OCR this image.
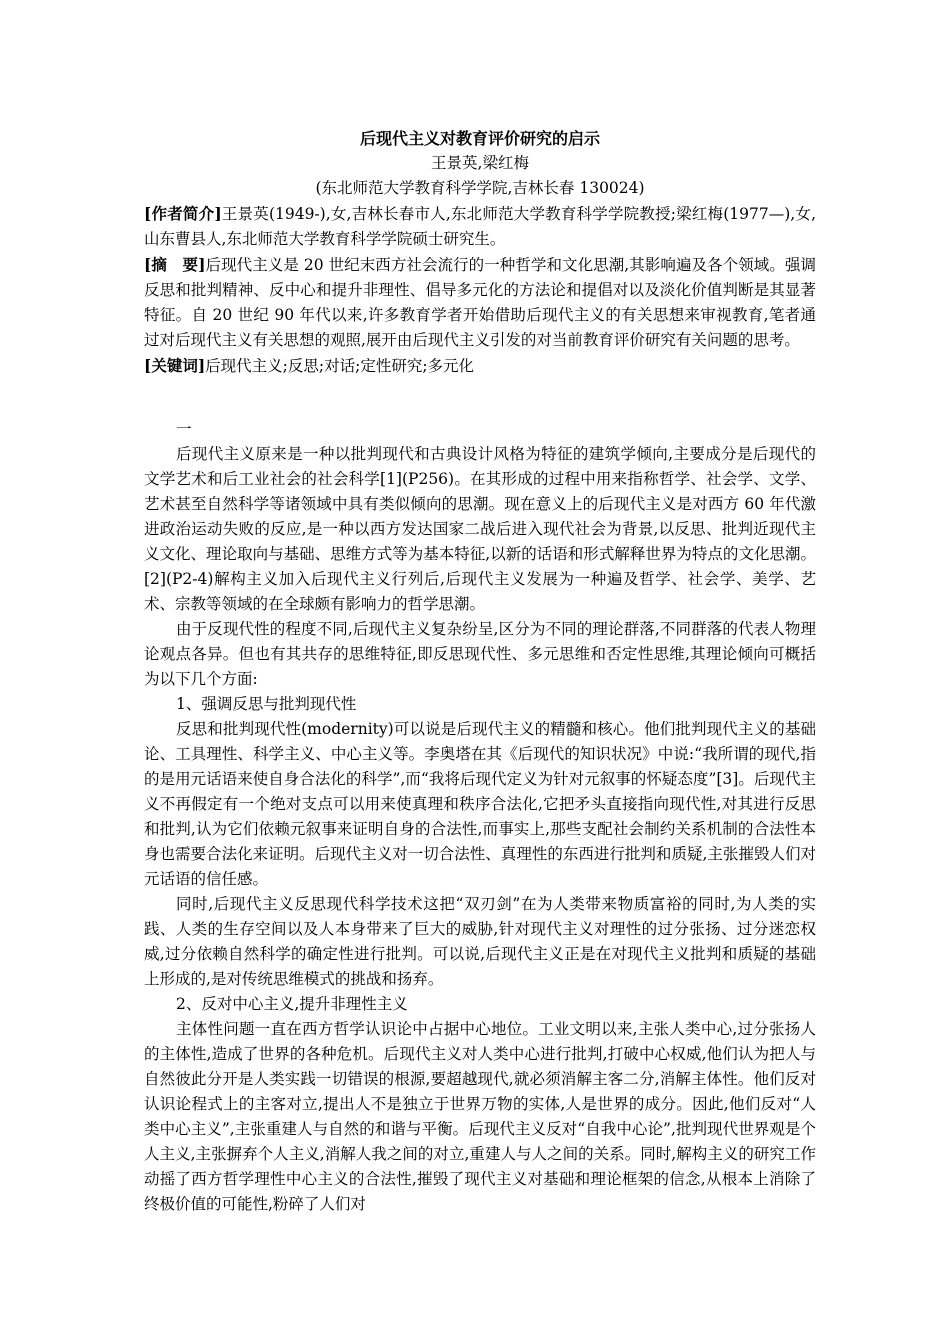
后现代主义对教育评价研究的启示
王景英,梁红梅
(东北师范大学教育科学学院,吉林长春 130024)

[作者简介]王景英(1949-),女,吉林长春市人,东北师范大学教育科学学院教授;梁红梅(1977—),女,山东曹县人,东北师范大学教育科学学院硕士研究生。

[摘　要]后现代主义是 20 世纪末西方社会流行的一种哲学和文化思潮,其影响遍及各个领域。强调反思和批判精神、反中心和提升非理性、倡导多元化的方法论和提倡对以及淡化价值判断是其显著特征。自 20 世纪 90 年代以来,许多教育学者开始借助后现代主义的有关思想来审视教育,笔者通过对后现代主义有关思想的观照,展开由后现代主义引发的对当前教育评价研究有关问题的思考。

[关键词]后现代主义;反思;对话;定性研究;多元化

一

后现代主义原来是一种以批判现代和古典设计风格为特征的建筑学倾向,主要成分是后现代的文学艺术和后工业社会的社会科学[1](P256)。在其形成的过程中用来指称哲学、社会学、文学、艺术甚至自然科学等诸领域中具有类似倾向的思潮。现在意义上的后现代主义是对西方 60 年代激进政治运动失败的反应,是一种以西方发达国家二战后进入现代社会为背景,以反思、批判近现代主义文化、理论取向与基础、思维方式等为基本特征,以新的话语和形式解释世界为特点的文化思潮。[2](P2-4)解构主义加入后现代主义行列后,后现代主义发展为一种遍及哲学、社会学、美学、艺术、宗教等领域的在全球颇有影响力的哲学思潮。

由于反现代性的程度不同,后现代主义复杂纷呈,区分为不同的理论群落,不同群落的代表人物理论观点各异。但也有其共存的思维特征,即反思现代性、多元思维和否定性思维,其理论倾向可概括为以下几个方面:

1、强调反思与批判现代性

反思和批判现代性(modernity)可以说是后现代主义的精髓和核心。他们批判现代主义的基础论、工具理性、科学主义、中心主义等。李奥塔在其《后现代的知识状况》中说:“我所谓的现代,指的是用元话语来使自身合法化的科学”,而“我将后现代定义为针对元叙事的怀疑态度”[3]。后现代主义不再假定有一个绝对支点可以用来使真理和秩序合法化,它把矛头直接指向现代性,对其进行反思和批判,认为它们依赖元叙事来证明自身的合法性,而事实上,那些支配社会制约关系机制的合法性本身也需要合法化来证明。后现代主义对一切合法性、真理性的东西进行批判和质疑,主张摧毁人们对元话语的信任感。

同时,后现代主义反思现代科学技术这把“双刃剑”在为人类带来物质富裕的同时,为人类的实践、人类的生存空间以及人本身带来了巨大的威胁,针对现代主义对理性的过分张扬、过分迷恋权威,过分依赖自然科学的确定性进行批判。可以说,后现代主义正是在对现代主义批判和质疑的基础上形成的,是对传统思维模式的挑战和扬弃。

2、反对中心主义,提升非理性主义

主体性问题一直在西方哲学认识论中占据中心地位。工业文明以来,主张人类中心,过分张扬人的主体性,造成了世界的各种危机。后现代主义对人类中心进行批判,打破中心权威,他们认为把人与自然彼此分开是人类实践一切错误的根源,要超越现代,就必须消解主客二分,消解主体性。他们反对认识论程式上的主客对立,提出人不是独立于世界万物的实体,人是世界的成分。因此,他们反对“人类中心主义”,主张重建人与自然的和谐与平衡。后现代主义反对“自我中心论”,批判现代世界观是个人主义,主张摒弃个人主义,消解人我之间的对立,重建人与人之间的关系。同时,解构主义的研究工作动摇了西方哲学理性中心主义的合法性,摧毁了现代主义对基础和理论框架的信念,从根本上消除了终极价值的可能性,粉碎了人们对
